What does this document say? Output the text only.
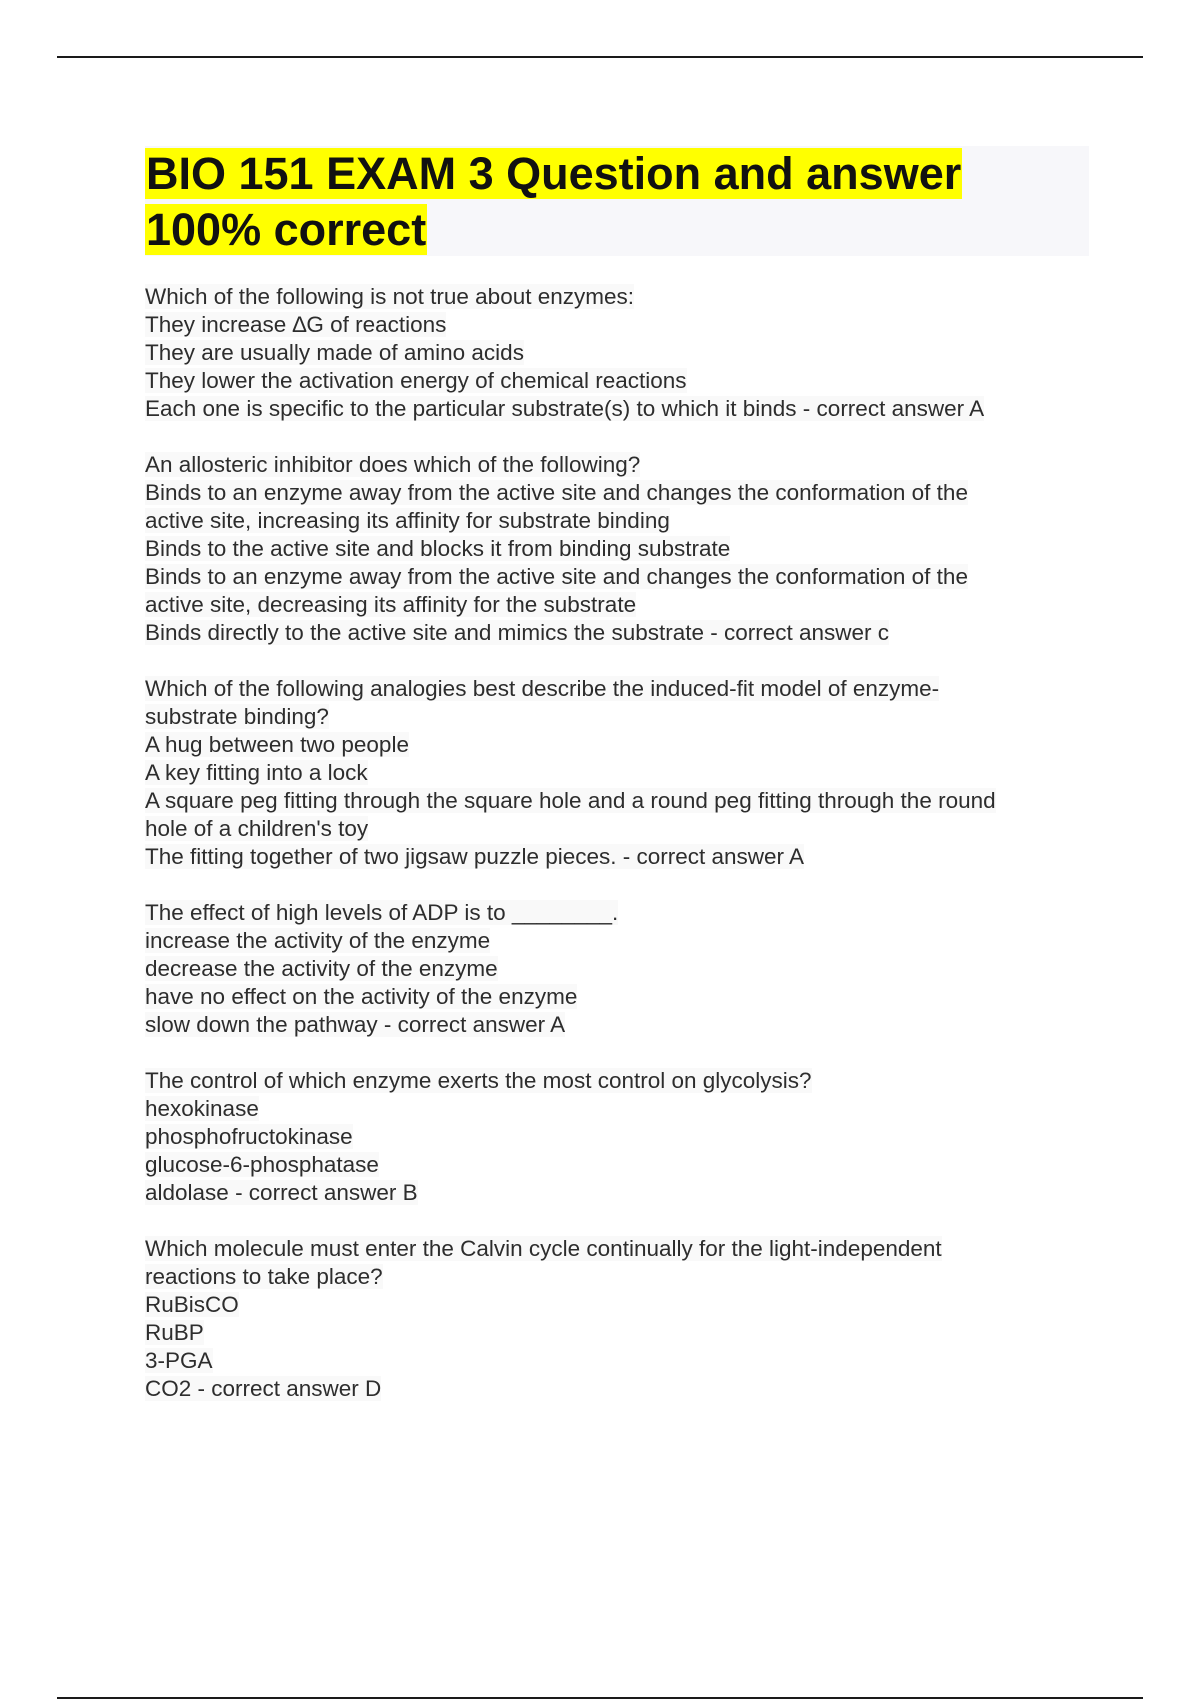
BIO 151 EXAM 3 Question and answer
100% correct
Which of the following is not true about enzymes:
They increase ∆G of reactions
They are usually made of amino acids
They lower the activation energy of chemical reactions
Each one is specific to the particular substrate(s) to which it binds - correct answer A
An allosteric inhibitor does which of the following?
Binds to an enzyme away from the active site and changes the conformation of the
active site, increasing its affinity for substrate binding
Binds to the active site and blocks it from binding substrate
Binds to an enzyme away from the active site and changes the conformation of the
active site, decreasing its affinity for the substrate
Binds directly to the active site and mimics the substrate - correct answer c
Which of the following analogies best describe the induced-fit model of enzyme-
substrate binding?
A hug between two people
A key fitting into a lock
A square peg fitting through the square hole and a round peg fitting through the round
hole of a children's toy
The fitting together of two jigsaw puzzle pieces. - correct answer A
The effect of high levels of ADP is to ________.
increase the activity of the enzyme
decrease the activity of the enzyme
have no effect on the activity of the enzyme
slow down the pathway - correct answer A
The control of which enzyme exerts the most control on glycolysis?
hexokinase
phosphofructokinase
glucose-6-phosphatase
aldolase - correct answer B
Which molecule must enter the Calvin cycle continually for the light-independent
reactions to take place?
RuBisCO
RuBP
3-PGA
CO2 - correct answer D
